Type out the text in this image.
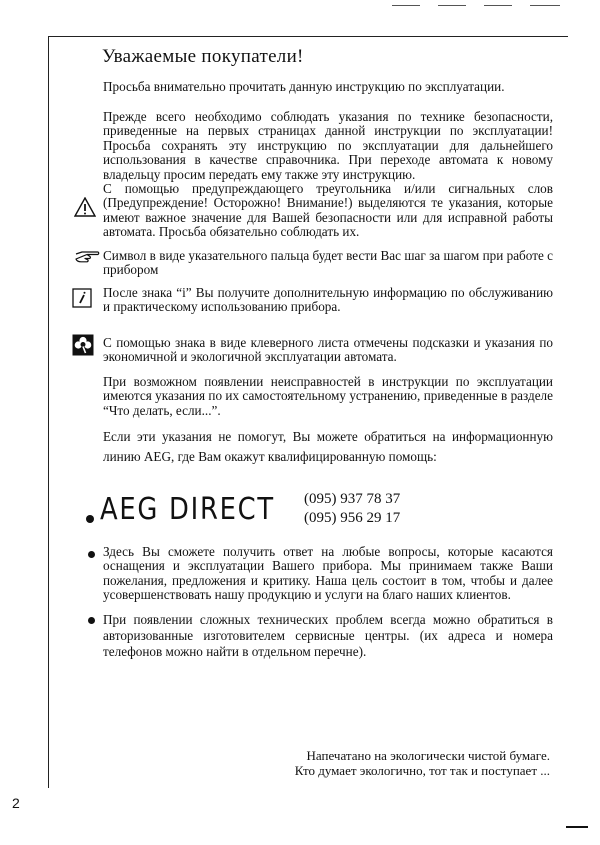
Уважаемые покупатели!

Просьба внимательно прочитать данную инструкцию по эксплуатации.

Прежде всего необходимо соблюдать указания по технике безопасности, приведенные на первых страницах данной инструкции по эксплуатации! Просьба сохранять эту инструкцию по эксплуатации для дальнейшего использования в качестве справочника. При переходе автомата к новому владельцу просим передать ему также эту инструкцию.

С помощью предупреждающего треугольника и/или сигнальных слов (Предупреждение! Осторожно! Внимание!) выделяются те указания, которые имеют важное значение для Вашей безопасности или для исправной работы автомата. Просьба обязательно соблюдать их.

Символ в виде указательного пальца будет вести Вас шаг за шагом при работе с прибором

После знака “i” Вы получите дополнительную информацию по обслуживанию и практическому использованию прибора.

С помощью знака в виде клеверного листа отмечены подсказки и указания по экономичной и экологичной эксплуатации автомата.

При возможном появлении неисправностей в инструкции по эксплуатации имеются указания по их самостоятельному устранению, приведенные в разделе “Что делать, если...”.

Если эти указания не помогут, Вы можете обратиться на информационную линию AEG, где Вам окажут квалифицированную помощь:

AEG DIRECT (095) 937 78 37
(095) 956 29 17

Здесь Вы сможете получить ответ на любые вопросы, которые касаются оснащения и эксплуатации Вашего прибора. Мы принимаем также Ваши пожелания, предложения и критику. Наша цель состоит в том, чтобы и далее усовершенствовать нашу продукцию и услуги на благо наших клиентов.

При появлении сложных технических проблем всегда можно обратиться в авторизованные изготовителем сервисные центры. (их адреса и номера телефонов можно найти в отдельном перечне).

Напечатано на экологически чистой бумаге.
Кто думает экологично, тот так и поступает ...

2
